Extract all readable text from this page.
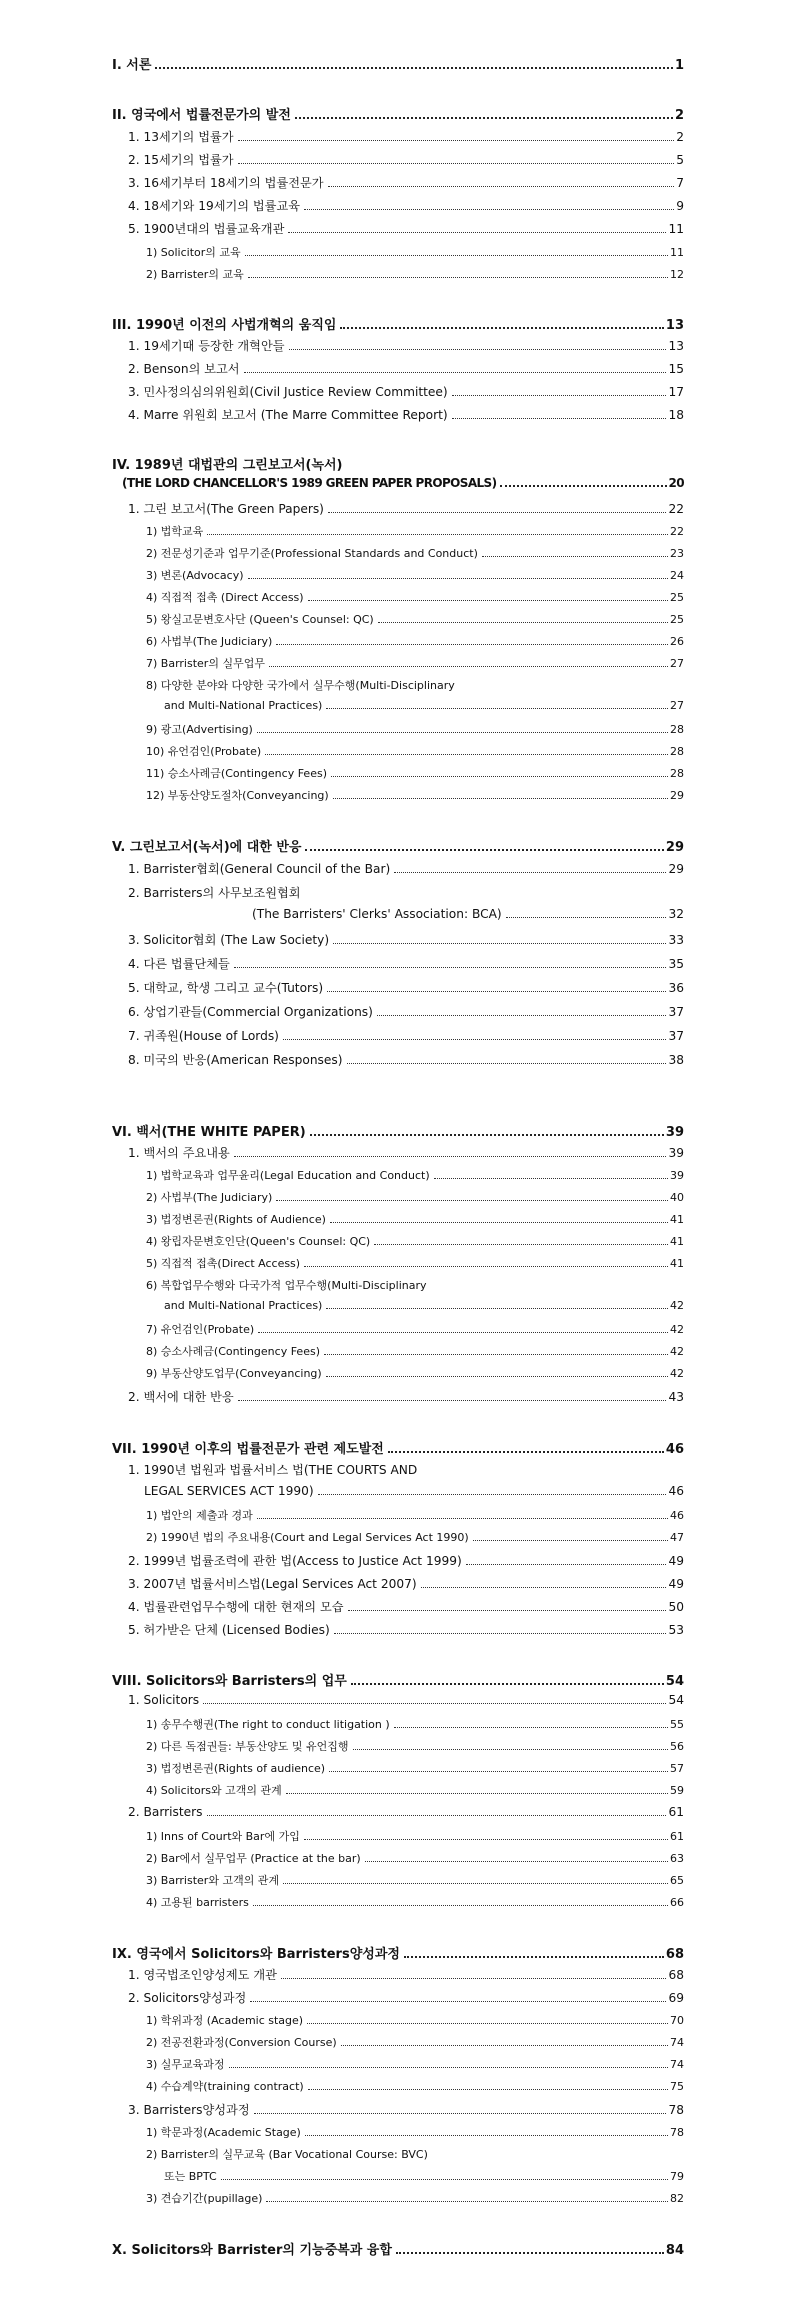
I. 서론	1
II. 영국에서 법률전문가의 발전	2
1. 13세기의 법률가	2
2. 15세기의 법률가	5
3. 16세기부터 18세기의 법률전문가	7
4. 18세기와 19세기의 법률교육	9
5. 1900년대의 법률교육개관	11
1) Solicitor의 교육	11
2) Barrister의 교육	12
III. 1990년 이전의 사법개혁의 움직임	13
1. 19세기때 등장한 개혁안들	13
2. Benson의 보고서	15
3. 민사정의심의위원회(Civil Justice Review Committee)	17
4. Marre 위원회 보고서 (The Marre Committee Report)	18
IV. 1989년 대법관의 그린보고서(녹서)
(THE LORD CHANCELLOR'S 1989 GREEN PAPER PROPOSALS)	20
1. 그린 보고서(The Green Papers)	22
1) 법학교육	22
2) 전문성기준과 업무기준(Professional Standards and Conduct)	23
3) 변론(Advocacy)	24
4) 직접적 접촉 (Direct Access)	25
5) 왕실고문변호사단 (Queen's Counsel: QC)	25
6) 사법부(The Judiciary)	26
7) Barrister의 실무업무	27
8) 다양한 분야와 다양한 국가에서 실무수행(Multi-Disciplinary
and Multi-National Practices)	27
9) 광고(Advertising)	28
10) 유언검인(Probate)	28
11) 승소사례금(Contingency Fees)	28
12) 부동산양도절차(Conveyancing)	29
V. 그린보고서(녹서)에 대한 반응	29
1. Barrister협회(General Council of the Bar)	29
2. Barristers의 사무보조원협회
(The Barristers' Clerks' Association: BCA)	32
3. Solicitor협회 (The Law Society)	33
4. 다른 법률단체들	35
5. 대학교, 학생 그리고 교수(Tutors)	36
6. 상업기관들(Commercial Organizations)	37
7. 귀족원(House of Lords)	37
8. 미국의 반응(American Responses)	38
VI. 백서(THE WHITE PAPER)	39
1. 백서의 주요내용	39
1) 법학교육과 업무윤리(Legal Education and Conduct)	39
2) 사법부(The Judiciary)	40
3) 법정변론권(Rights of Audience)	41
4) 왕립자문변호인단(Queen's Counsel: QC)	41
5) 직접적 접촉(Direct Access)	41
6) 복합업무수행와 다국가적 업무수행(Multi-Disciplinary
and Multi-National Practices)	42
7) 유언검인(Probate)	42
8) 승소사례금(Contingency Fees)	42
9) 부동산양도업무(Conveyancing)	42
2. 백서에 대한 반응	43
VII. 1990년 이후의 법률전문가 관련 제도발전	46
1. 1990년 법원과 법률서비스 법(THE COURTS AND
LEGAL SERVICES ACT 1990)	46
1) 법안의 제출과 경과	46
2) 1990년 법의 주요내용(Court and Legal Services Act 1990)	47
2. 1999년 법률조력에 관한 법(Access to Justice Act 1999)	49
3. 2007년 법률서비스법(Legal Services Act 2007)	49
4. 법률관련업무수행에 대한 현재의 모습	50
5. 허가받은 단체 (Licensed Bodies)	53
VIII. Solicitors와 Barristers의 업무	54
1. Solicitors	54
1) 송무수행권(The right to conduct litigation )	55
2) 다른 독점권들: 부동산양도 및 유언집행	56
3) 법정변론권(Rights of audience)	57
4) Solicitors와 고객의 관계	59
2. Barristers	61
1) Inns of Court와 Bar에 가입	61
2) Bar에서 실무업무 (Practice at the bar)	63
3) Barrister와 고객의 관계	65
4) 고용된 barristers	66
IX. 영국에서 Solicitors와 Barristers양성과정	68
1. 영국법조인양성제도 개관	68
2. Solicitors양성과정	69
1) 학위과정 (Academic stage)	70
2) 전공전환과정(Conversion Course)	74
3) 실무교육과정	74
4) 수습계약(training contract)	75
3. Barristers양성과정	78
1) 학문과정(Academic Stage)	78
2) Barrister의 실무교육 (Bar Vocational Course: BVC)
또는 BPTC	79
3) 견습기간(pupillage)	82
X. Solicitors와 Barrister의 기능중복과 융합	84
